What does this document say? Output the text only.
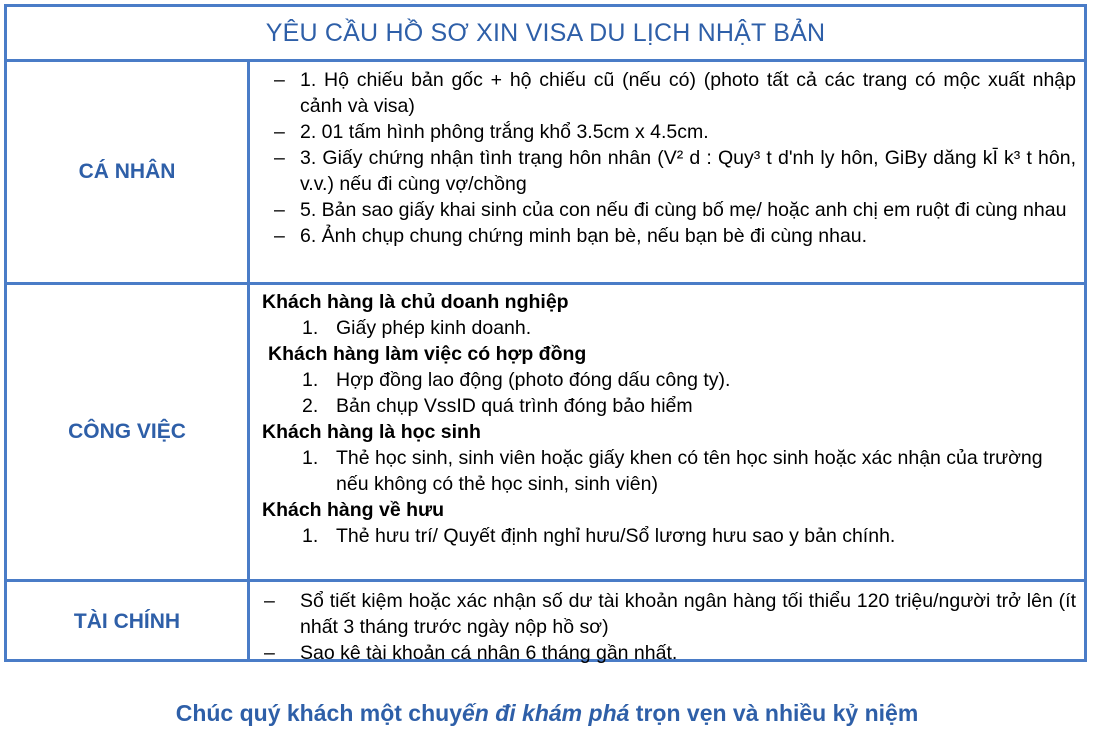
YÊU CẦU HỒ SƠ XIN VISA DU LỊCH NHẬT BẢN
CÁ NHÂN
– 1. Hộ chiếu bản gốc + hộ chiếu cũ (nếu có) (photo tất cả các trang có mộc xuất nhập cảnh và visa)
– 2. 01 tấm hình phông trắng khổ 3.5cm x 4.5cm.
– 3. Giấy chứng nhận tình trạng hôn nhân (V² d : Quy³ t d'nh ly hôn, GiBy dăng kĪ k³ t hôn, v.v.) nếu đi cùng vợ/chồng
– 5. Bản sao giấy khai sinh của con nếu đi cùng bố mẹ/ hoặc anh chị em ruột đi cùng nhau
– 6. Ảnh chụp chung chứng minh bạn bè, nếu bạn bè đi cùng nhau.
CÔNG VIỆC
Khách hàng là chủ doanh nghiệp
1. Giấy phép kinh doanh.
Khách hàng làm việc có hợp đồng
1. Hợp đồng lao động (photo đóng dấu công ty).
2. Bản chụp VssID quá trình đóng bảo hiểm
Khách hàng là học sinh
1. Thẻ học sinh, sinh viên hoặc giấy khen có tên học sinh hoặc xác nhận của trường nếu không có thẻ học sinh, sinh viên)
Khách hàng về hưu
1. Thẻ hưu trí/ Quyết định nghỉ hưu/Sổ lương hưu sao y bản chính.
TÀI CHÍNH
– Sổ tiết kiệm hoặc xác nhận số dư tài khoản ngân hàng tối thiểu 120 triệu/người trở lên (ít nhất 3 tháng trước ngày nộp hồ sơ)
– Sao kê tài khoản cá nhân 6 tháng gần nhất.
Chúc quý khách một chuyến đi khám phá trọn vẹn và nhiều kỷ niệm
